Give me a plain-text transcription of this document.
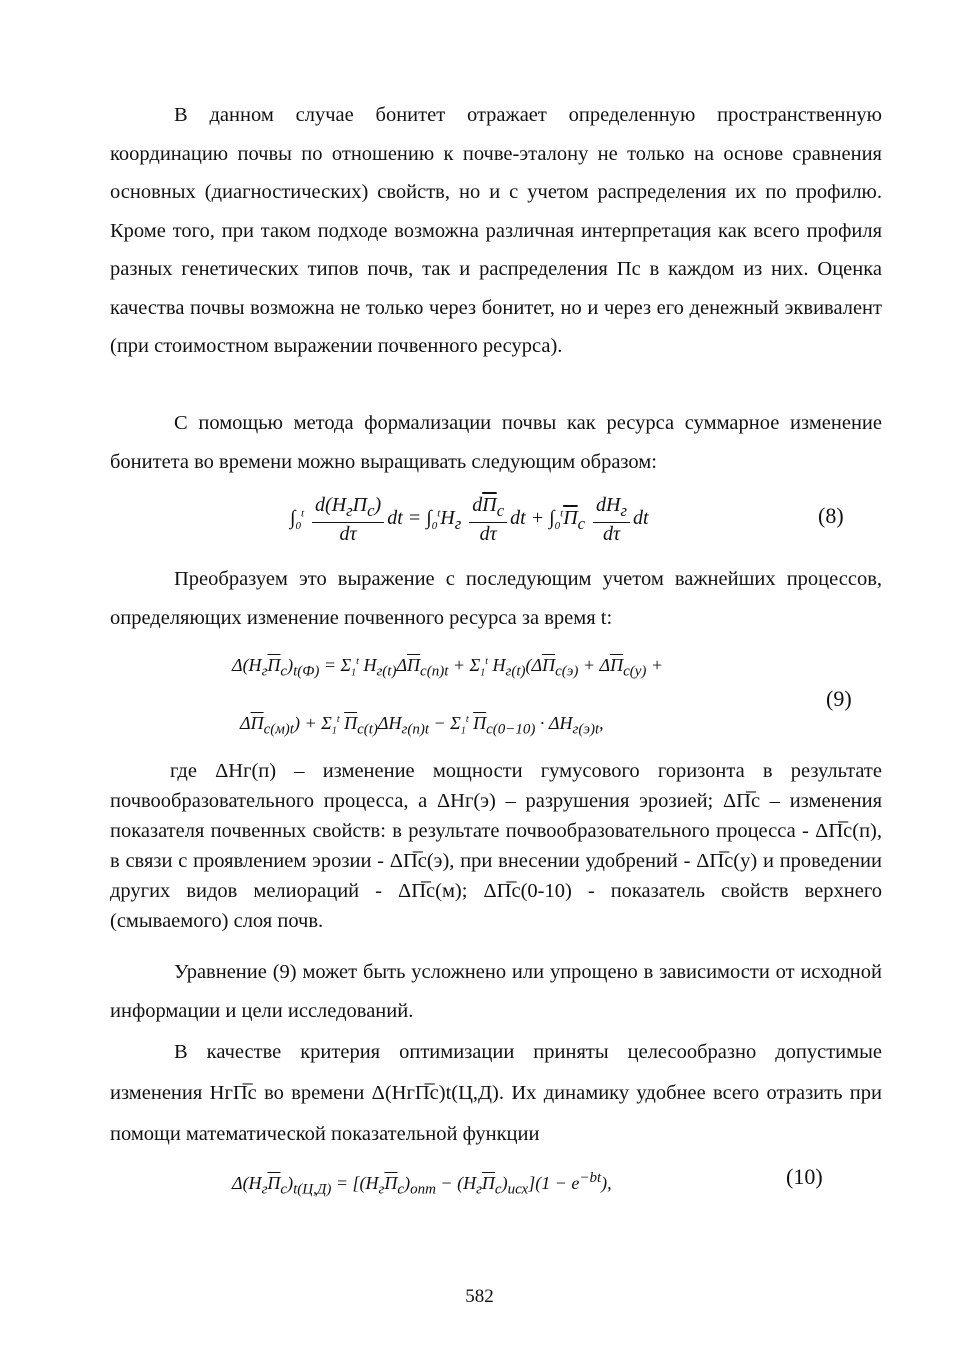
В данном случае бонитет отражает определенную пространственную координацию почвы по отношению к почве-эталону не только на основе сравнения основных (диагностических) свойств, но и с учетом распределения их по профилю. Кроме того, при таком подходе возможна различная интерпретация как всего профиля разных генетических типов почв, так и распределения Пс в каждом из них. Оценка качества почвы возможна не только через бонитет, но и через его денежный эквивалент (при стоимостном выражении почвенного ресурса).

С помощью метода формализации почвы как ресурса суммарное изменение бонитета во времени можно выращивать следующим образом:

$\int_0^t \frac{d(H_гП_с)}{d\tau}$ dt = $\int_0^tH_г \frac{dП_с}{d\tau}$ dt + $\int_0^tП_с \frac{dH_г}{d\tau}$ dt	(8)

Преобразуем это выражение с последующим учетом важнейших процессов, определяющих изменение почвенного ресурса за время t:

$\Delta(H_гП_с)_{t(Ф)} = \Sigma_1^t$ $H_{г(t)}\Delta П_{с(п)t} + \Sigma_1^t$ $H_{г(t)}(\Delta П_{с(э)} + \Delta П_{с(у)}$ +
$\Delta П_{с(м)t}) + \Sigma_1^t$ $П_{с(t)}\Delta H_{г(п)t} - \Sigma_1^t$ $П_{с(0-10)} \cdot \Delta H_{г(э)t}$,
(9)

где ΔHг(п) – изменение мощности гумусового горизонта в результате почвообразовательного процесса, а ΔHг(э) – разрушения эрозией; ΔП̅с – изменения показателя почвенных свойств: в результате почвообразовательного процесса - ΔП̅с(п), в связи с проявлением эрозии - ΔП̅с(э), при внесении удобрений - ΔП̅с(у) и проведении других видов мелиораций - ΔП̅с(м); ΔП̅с(0-10) - показатель свойств верхнего (смываемого) слоя почв.

Уравнение (9) может быть усложнено или упрощено в зависимости от исходной информации и цели исследований.

В качестве критерия оптимизации приняты целесообразно допустимые изменения HгП̅с во времени Δ(HгП̅с)t(Ц,Д). Их динамику удобнее всего отразить при помощи математической показательной функции

$\Delta(H_гП_с)_{t(Ц,Д)} = [(H_гП_с)_{опт} - (H_гП_с)_{исх}](1 - e^{-bt})$,	(10)
582
